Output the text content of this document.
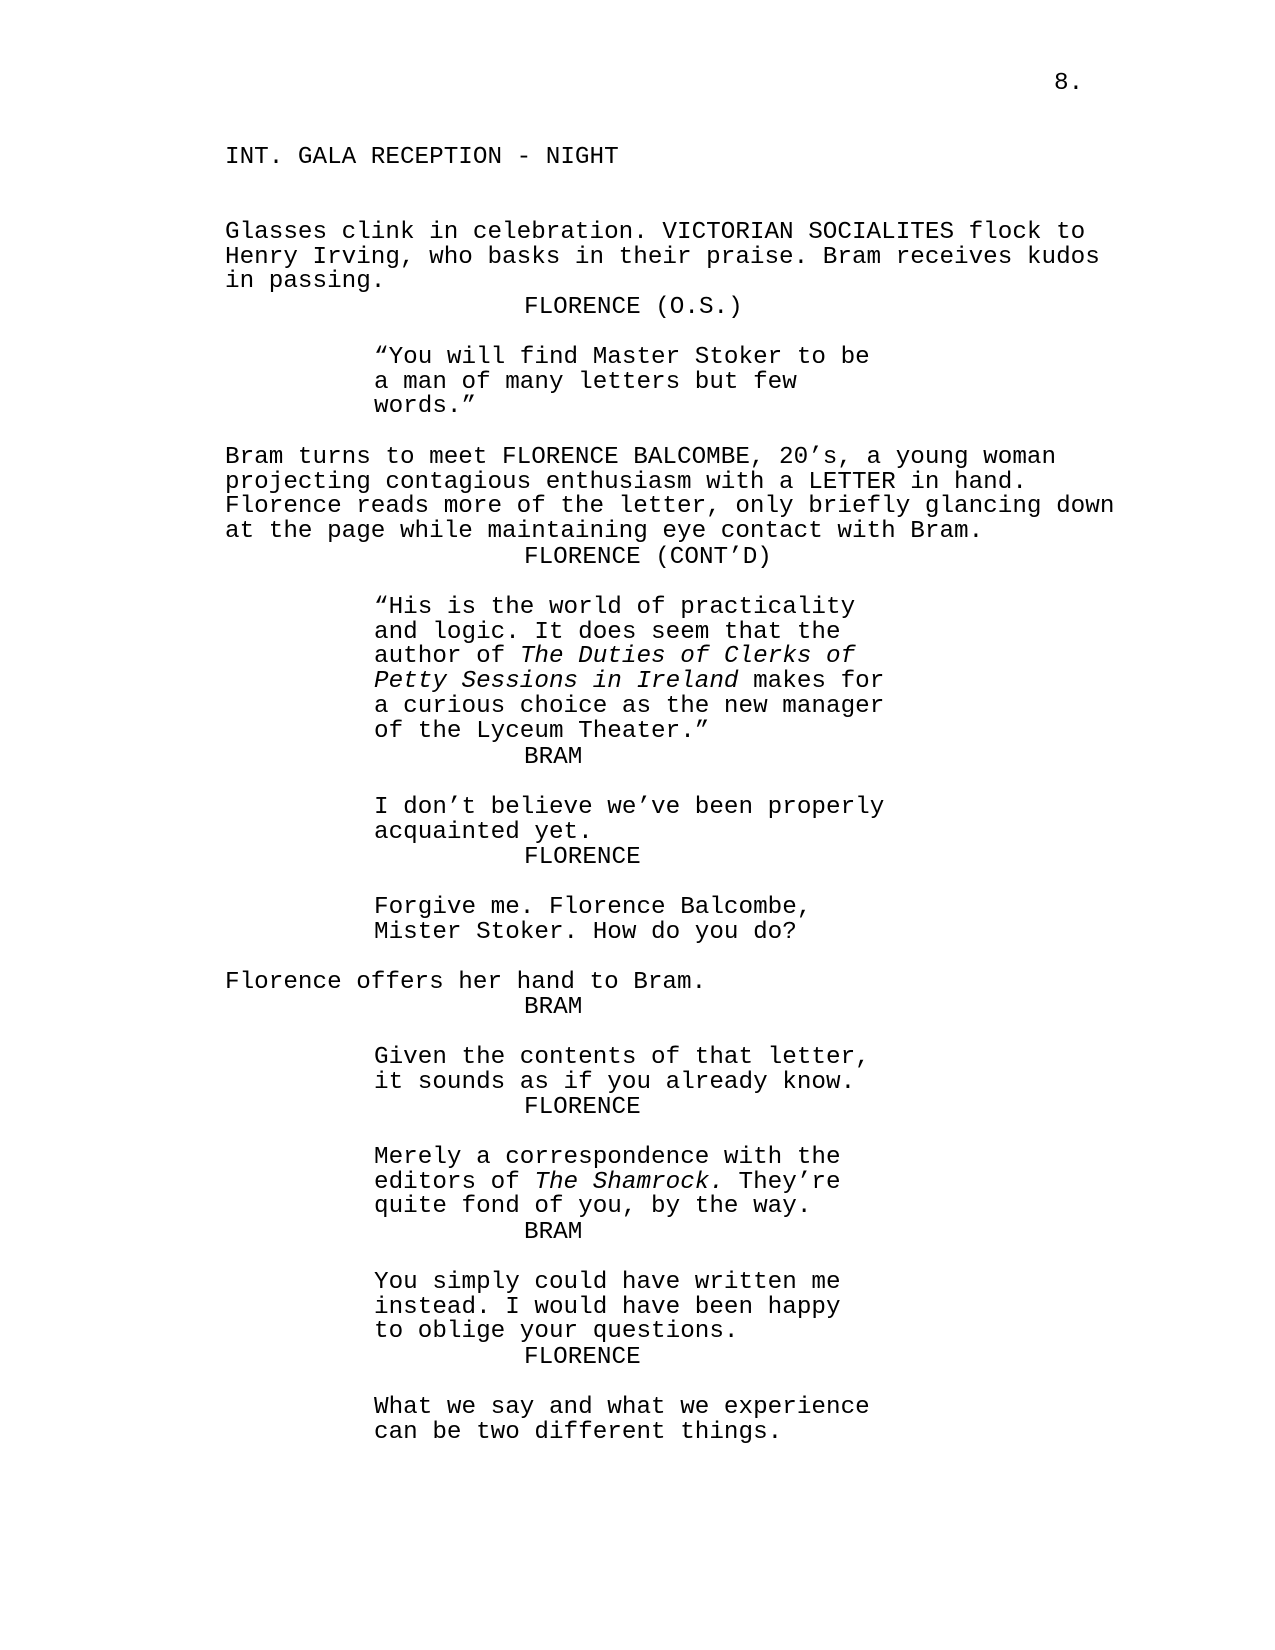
8.
INT. GALA RECEPTION - NIGHT

Glasses clink in celebration. VICTORIAN SOCIALITES flock to
Henry Irving, who basks in their praise. Bram receives kudos
in passing.

FLORENCE (O.S.)

“You will find Master Stoker to be
a man of many letters but few
words.”

Bram turns to meet FLORENCE BALCOMBE, 20’s, a young woman
projecting contagious enthusiasm with a LETTER in hand.
Florence reads more of the letter, only briefly glancing down
at the page while maintaining eye contact with Bram.

FLORENCE (CONT’D)

“His is the world of practicality
and logic. It does seem that the
author of The Duties of Clerks of
Petty Sessions in Ireland makes for
a curious choice as the new manager
of the Lyceum Theater.”

BRAM

I don’t believe we’ve been properly
acquainted yet.

FLORENCE

Forgive me. Florence Balcombe,
Mister Stoker. How do you do?

Florence offers her hand to Bram.

BRAM

Given the contents of that letter,
it sounds as if you already know.

FLORENCE

Merely a correspondence with the
editors of The Shamrock. They’re
quite fond of you, by the way.

BRAM

You simply could have written me
instead. I would have been happy
to oblige your questions.

FLORENCE

What we say and what we experience
can be two different things.
